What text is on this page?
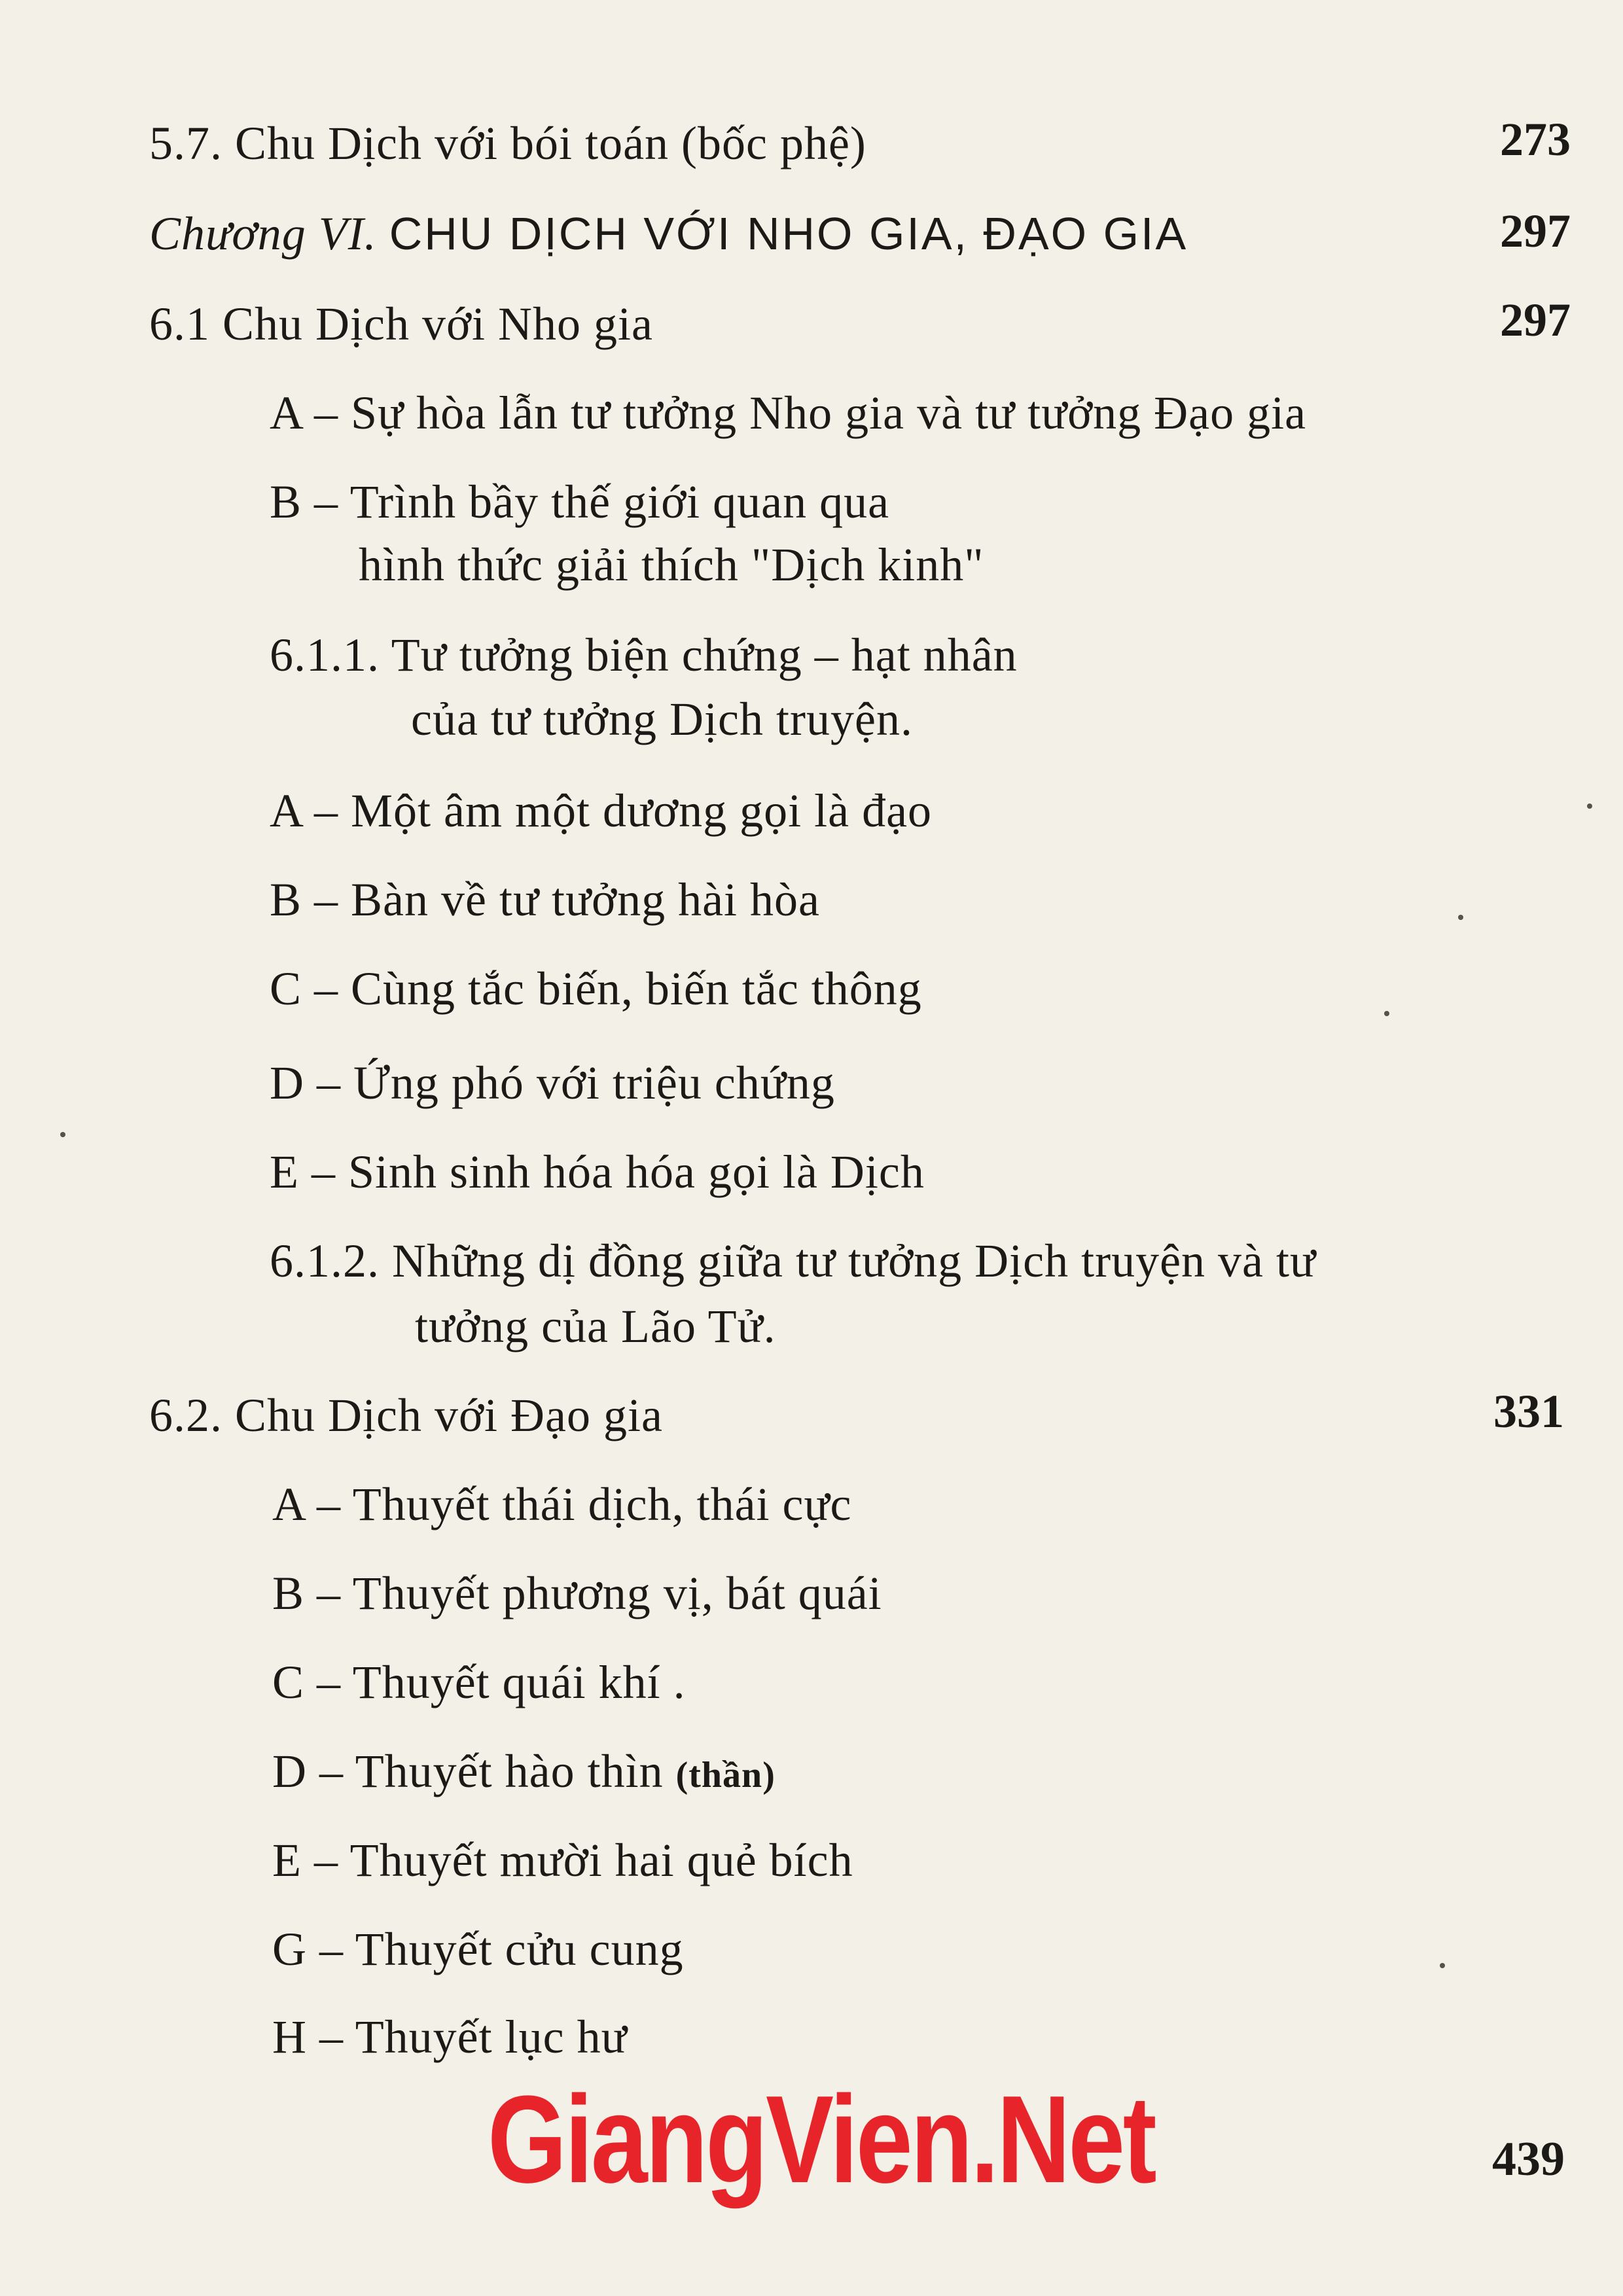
5.7. Chu Dịch với bói toán (bốc phệ)	273
Chương VI. CHU DỊCH VỚI NHO GIA, ĐẠO GIA	297
6.1 Chu Dịch với Nho gia	297
A – Sự hòa lẫn tư tưởng Nho gia và tư tưởng Đạo gia
B – Trình bầy thế giới quan qua
hình thức giải thích "Dịch kinh"
6.1.1. Tư tưởng biện chứng – hạt nhân
của tư tưởng Dịch truyện.
A – Một âm một dương gọi là đạo
B – Bàn về tư tưởng hài hòa
C – Cùng tắc biến, biến tắc thông
D – Ứng phó với triệu chứng
E – Sinh sinh hóa hóa gọi là Dịch
6.1.2. Những dị đồng giữa tư tưởng Dịch truyện và tư
tưởng của Lão Tử.
6.2. Chu Dịch với Đạo gia	331
A – Thuyết thái dịch, thái cực
B – Thuyết phương vị, bát quái
C – Thuyết quái khí .
D – Thuyết hào thìn (thần)
E – Thuyết mười hai quẻ bích
G – Thuyết cửu cung
H – Thuyết lục hư
GiangVien.Net	439
